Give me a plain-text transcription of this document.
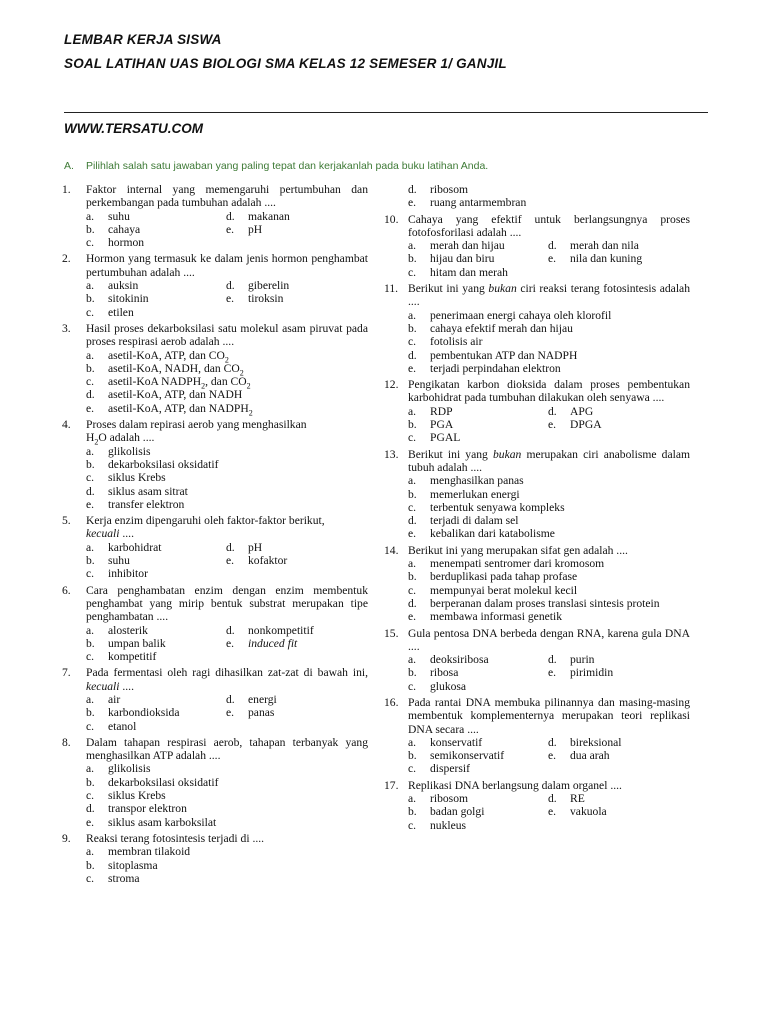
LEMBAR KERJA SISWA
SOAL LATIHAN UAS BIOLOGI SMA KELAS 12 SEMESER 1/ GANJIL
WWW.TERSATU.COM
A. Pilihlah salah satu jawaban yang paling tepat dan kerjakanlah pada buku latihan Anda.
1.	Faktor internal yang memengaruhi pertumbuhan dan perkembangan pada tumbuhan adalah ....
a.	suhu	d.	makanan
b.	cahaya	e.	pH
c.	hormon
2.	Hormon yang termasuk ke dalam jenis hormon penghambat pertumbuhan adalah ....
a.	auksin	d.	giberelin
b.	sitokinin	e.	tiroksin
c.	etilen
3.	Hasil proses dekarboksilasi satu molekul asam piruvat pada proses respirasi aerob adalah ....
a.	asetil-KoA, ATP, dan $CO_2$
b.	asetil-KoA, NADH, dan $CO_2$
c.	asetil-KoA $NADPH_2$, dan $CO_2$
d.	asetil-KoA, ATP, dan NADH
e.	asetil-KoA, ATP, dan $NADPH_2$
4.	Proses dalam repirasi aerob yang menghasilkan
$H_2O$ adalah ....
a.	glikolisis
b.	dekarboksilasi oksidatif
c.	siklus Krebs
d.	siklus asam sitrat
e.	transfer elektron
5.	Kerja enzim dipengaruhi oleh faktor-faktor berikut,
kecuali ....
a.	karbohidrat	d.	pH
b.	suhu	e.	kofaktor
c.	inhibitor
6.	Cara penghambatan enzim dengan enzim membentuk penghambat yang mirip bentuk substrat merupakan tipe penghambatan ....
a.	alosterik	d.	nonkompetitif
b.	umpan balik	e.	induced fit
c.	kompetitif
7.	Pada fermentasi oleh ragi dihasilkan zat-zat di bawah ini, kecuali ....
a.	air	d.	energi
b.	karbondioksida	e.	panas
c.	etanol
8.	Dalam tahapan respirasi aerob, tahapan terbanyak yang menghasilkan ATP adalah ....
a.	glikolisis
b.	dekarboksilasi oksidatif
c.	siklus Krebs
d.	transpor elektron
e.	siklus asam karboksilat
9.	Reaksi terang fotosintesis terjadi di ....
a.	membran tilakoid
b.	sitoplasma
c.	stroma
d.	ribosom
e.	ruang antarmembran
10. Cahaya yang efektif untuk berlangsungnya proses fotofosforilasi adalah ....
a.	merah dan hijau	d.	merah dan nila
b.	hijau dan biru	e.	nila dan kuning
c.	hitam dan merah
11. Berikut ini yang bukan ciri reaksi terang fotosintesis adalah ....
a.	penerimaan energi cahaya oleh klorofil
b.	cahaya efektif merah dan hijau
c.	fotolisis air
d.	pembentukan ATP dan NADPH
e.	terjadi perpindahan elektron
12. Pengikatan karbon dioksida dalam proses pembentukan karbohidrat pada tumbuhan dilakukan oleh senyawa ....
a.	RDP	d.	APG
b.	PGA	e.	DPGA
c.	PGAL
13. Berikut ini yang bukan merupakan ciri anabolisme dalam tubuh adalah ....
a.	menghasilkan panas
b.	memerlukan energi
c.	terbentuk senyawa kompleks
d.	terjadi di dalam sel
e.	kebalikan dari katabolisme
14. Berikut ini yang merupakan sifat gen adalah ....
a.	menempati sentromer dari kromosom
b.	berduplikasi pada tahap profase
c.	mempunyai berat molekul kecil
d.	berperanan dalam proses translasi sintesis protein
e.	membawa informasi genetik
15. Gula pentosa DNA berbeda dengan RNA, karena gula DNA ....
a.	deoksiribosa	d.	purin
b.	ribosa	e.	pirimidin
c.	glukosa
16. Pada rantai DNA membuka pilinannya dan masing-masing membentuk komplementernya merupakan teori replikasi DNA secara ....
a.	konservatif	d.	bireksional
b.	semikonservatif	e.	dua arah
c.	dispersif
17. Replikasi DNA berlangsung dalam organel ....
a.	ribosom	d.	RE
b.	badan golgi	e.	vakuola
c.	nukleus
